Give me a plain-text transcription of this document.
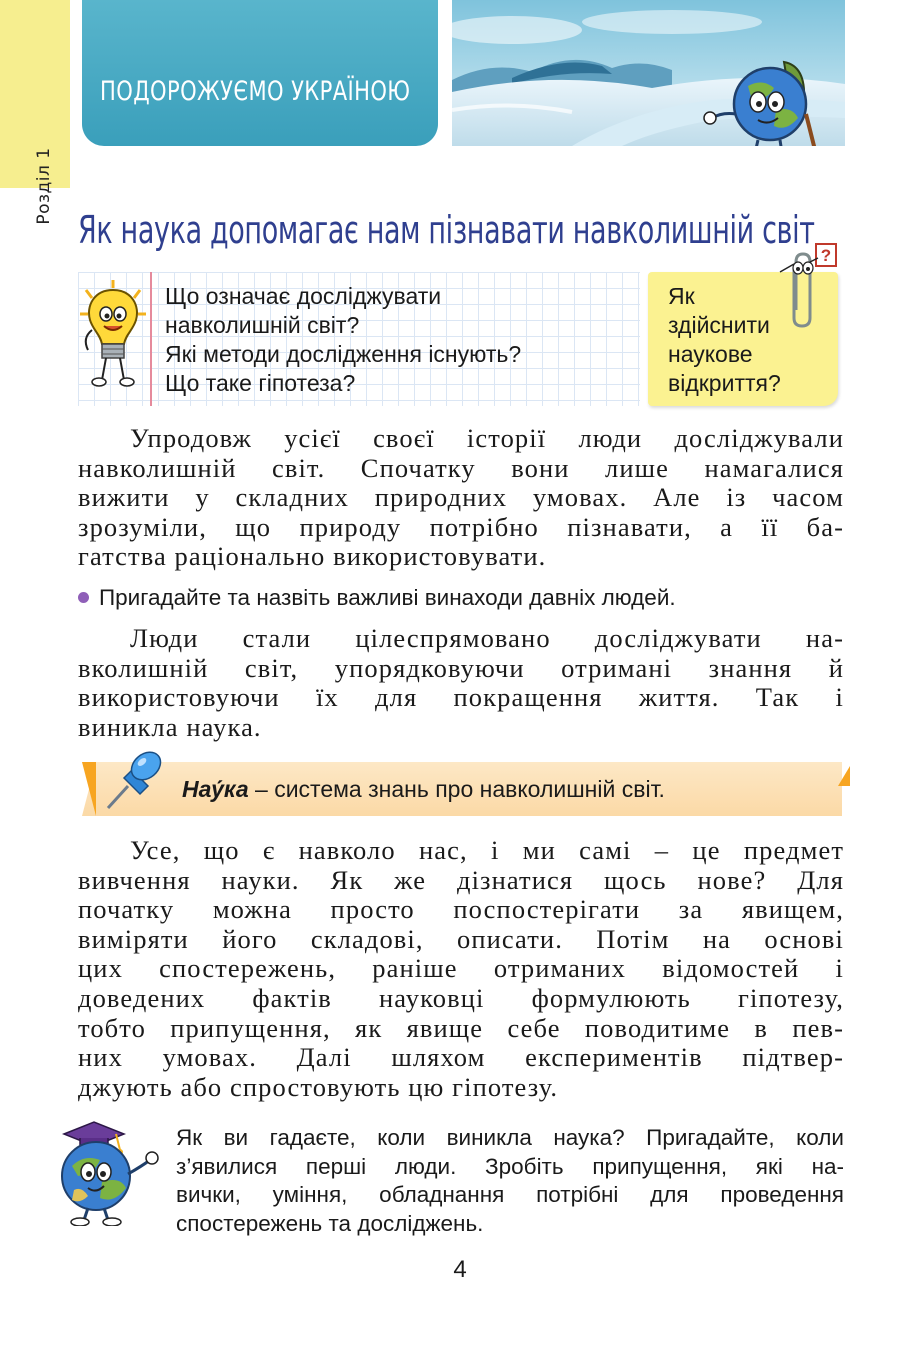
Розділ 1
ПОДОРОЖУЄМО УКРАЇНОЮ
Як наука допомагає нам пізнавати навколишній світ
Що означає досліджувати
навколишній світ?
Які методи дослідження існують?
Що таке гіпотеза?
?
Як
здійснити
наукове
відкриття?
Упродовж усієї своєї історії люди досліджували
навколишній світ. Спочатку вони лише намагалися
вижити у складних природних умовах. Але із часом
зрозуміли, що природу потрібно пізнавати, а її ба-
гатства раціонально використовувати.
Пригадайте та назвіть важливі винаходи давніх людей.
Люди стали цілеспрямовано досліджувати на-
вколишній світ, упорядковуючи отримані знання й
використовуючи їх для покращення життя. Так і
виникла наука.
Нау́ка – система знань про навколишній світ.
Усе, що є навколо нас, і ми самі – це предмет
вивчення науки. Як же дізнатися щось нове? Для
початку можна просто поспостерігати за явищем,
виміряти його складові, описати. Потім на основі
цих спостережень, раніше отриманих відомостей і
доведених фактів науковці формулюють гіпотезу,
тобто припущення, як явище себе поводитиме в пев-
них умовах. Далі шляхом експериментів підтвер-
джують або спростовують цю гіпотезу.
Як ви гадаєте, коли виникла наука? Пригадайте, коли
з’явилися перші люди. Зробіть припущення, які на-
вички, уміння, обладнання потрібні для проведення
спостережень та досліджень.
4
